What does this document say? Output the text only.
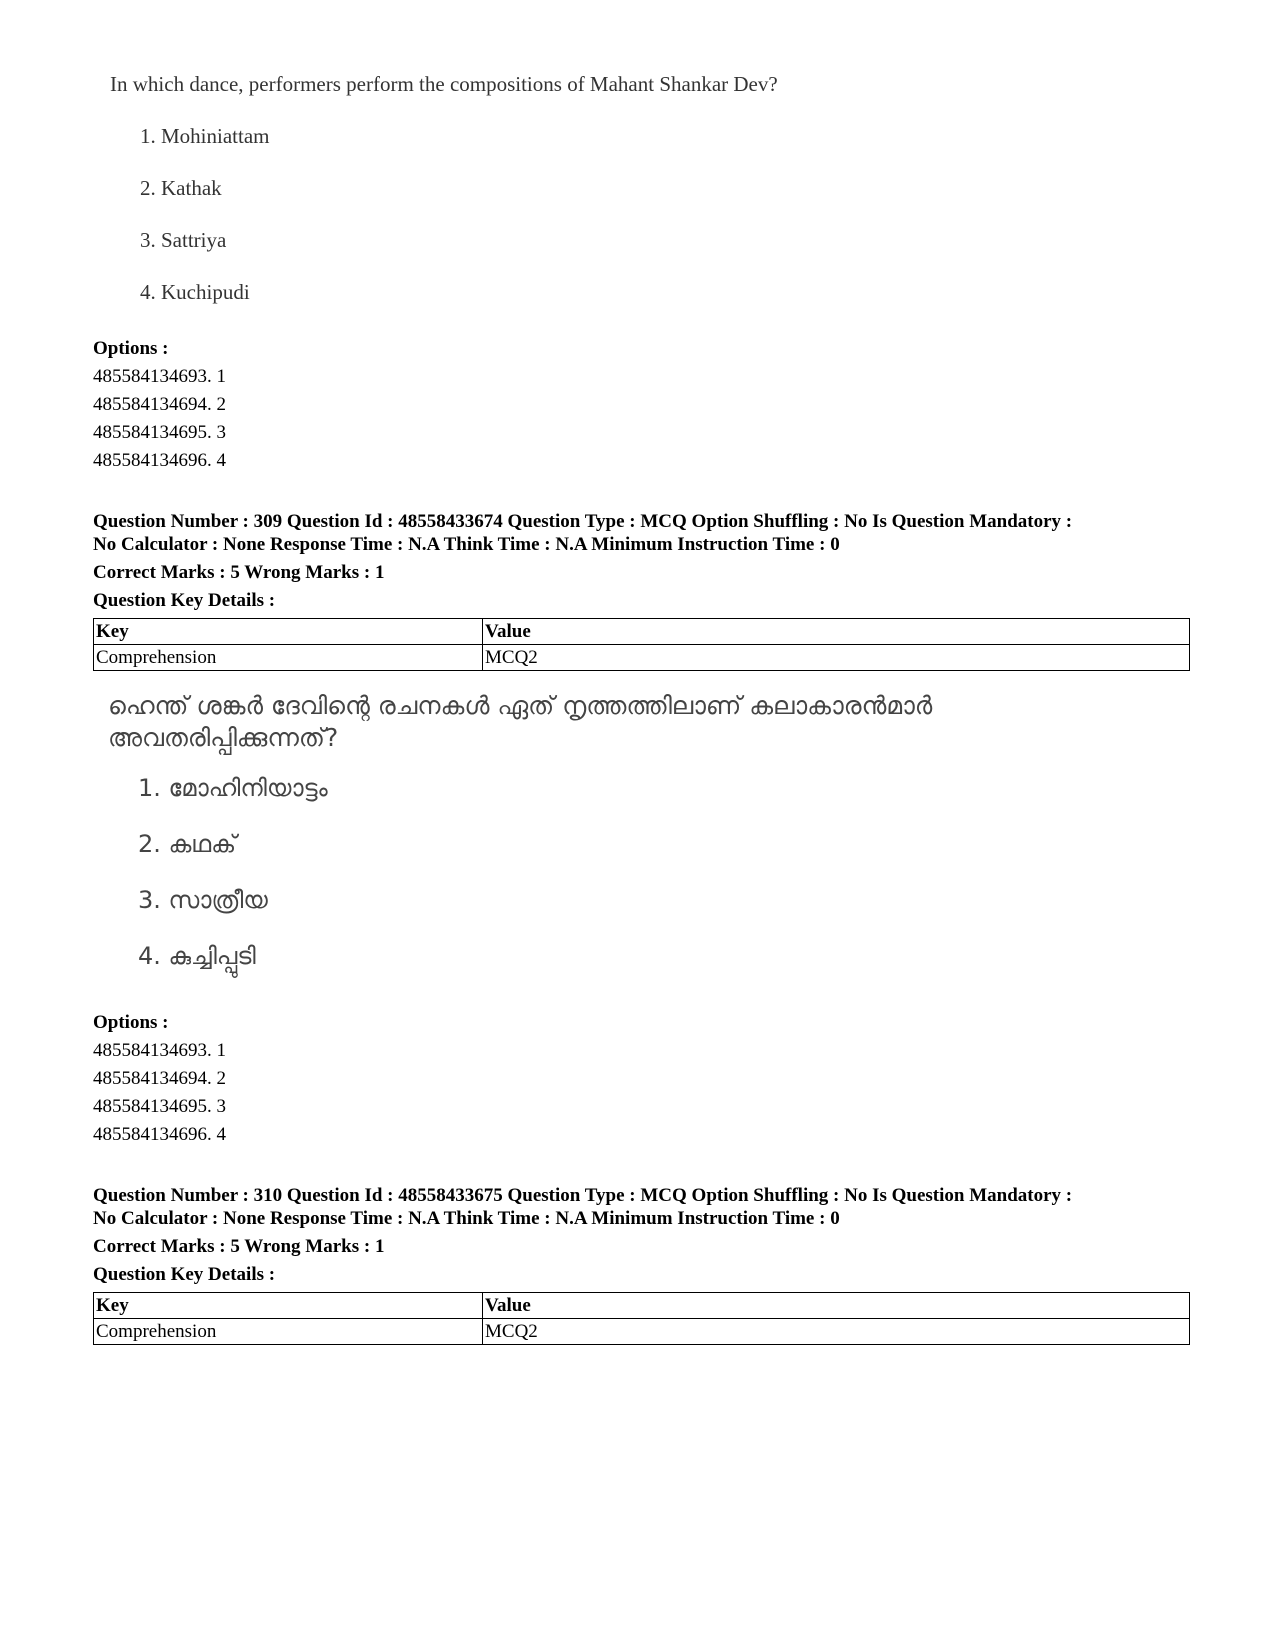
In which dance, performers perform the compositions of Mahant Shankar Dev?
1. Mohiniattam
2. Kathak
3. Sattriya
4. Kuchipudi
Options :
485584134693. 1
485584134694. 2
485584134695. 3
485584134696. 4
Question Number : 309 Question Id : 48558433674 Question Type : MCQ Option Shuffling : No Is Question Mandatory :
No Calculator : None Response Time : N.A Think Time : N.A Minimum Instruction Time : 0
Correct Marks : 5 Wrong Marks : 1
Question Key Details :
Key	Value
Comprehension	MCQ2
ഹെന്ത് ശങ്കർ ദേവിന്റെ രചനകൾ ഏത് നൃത്തത്തിലാണ് കലാകാരൻമാർ
അവതരിപ്പിക്കുന്നത്?
1. മോഹിനിയാട്ടം
2. കഥക്
3. സാത്രീയ
4. കുച്ചിപ്പുടി
Options :
485584134693. 1
485584134694. 2
485584134695. 3
485584134696. 4
Question Number : 310 Question Id : 48558433675 Question Type : MCQ Option Shuffling : No Is Question Mandatory :
No Calculator : None Response Time : N.A Think Time : N.A Minimum Instruction Time : 0
Correct Marks : 5 Wrong Marks : 1
Question Key Details :
Key	Value
Comprehension	MCQ2
